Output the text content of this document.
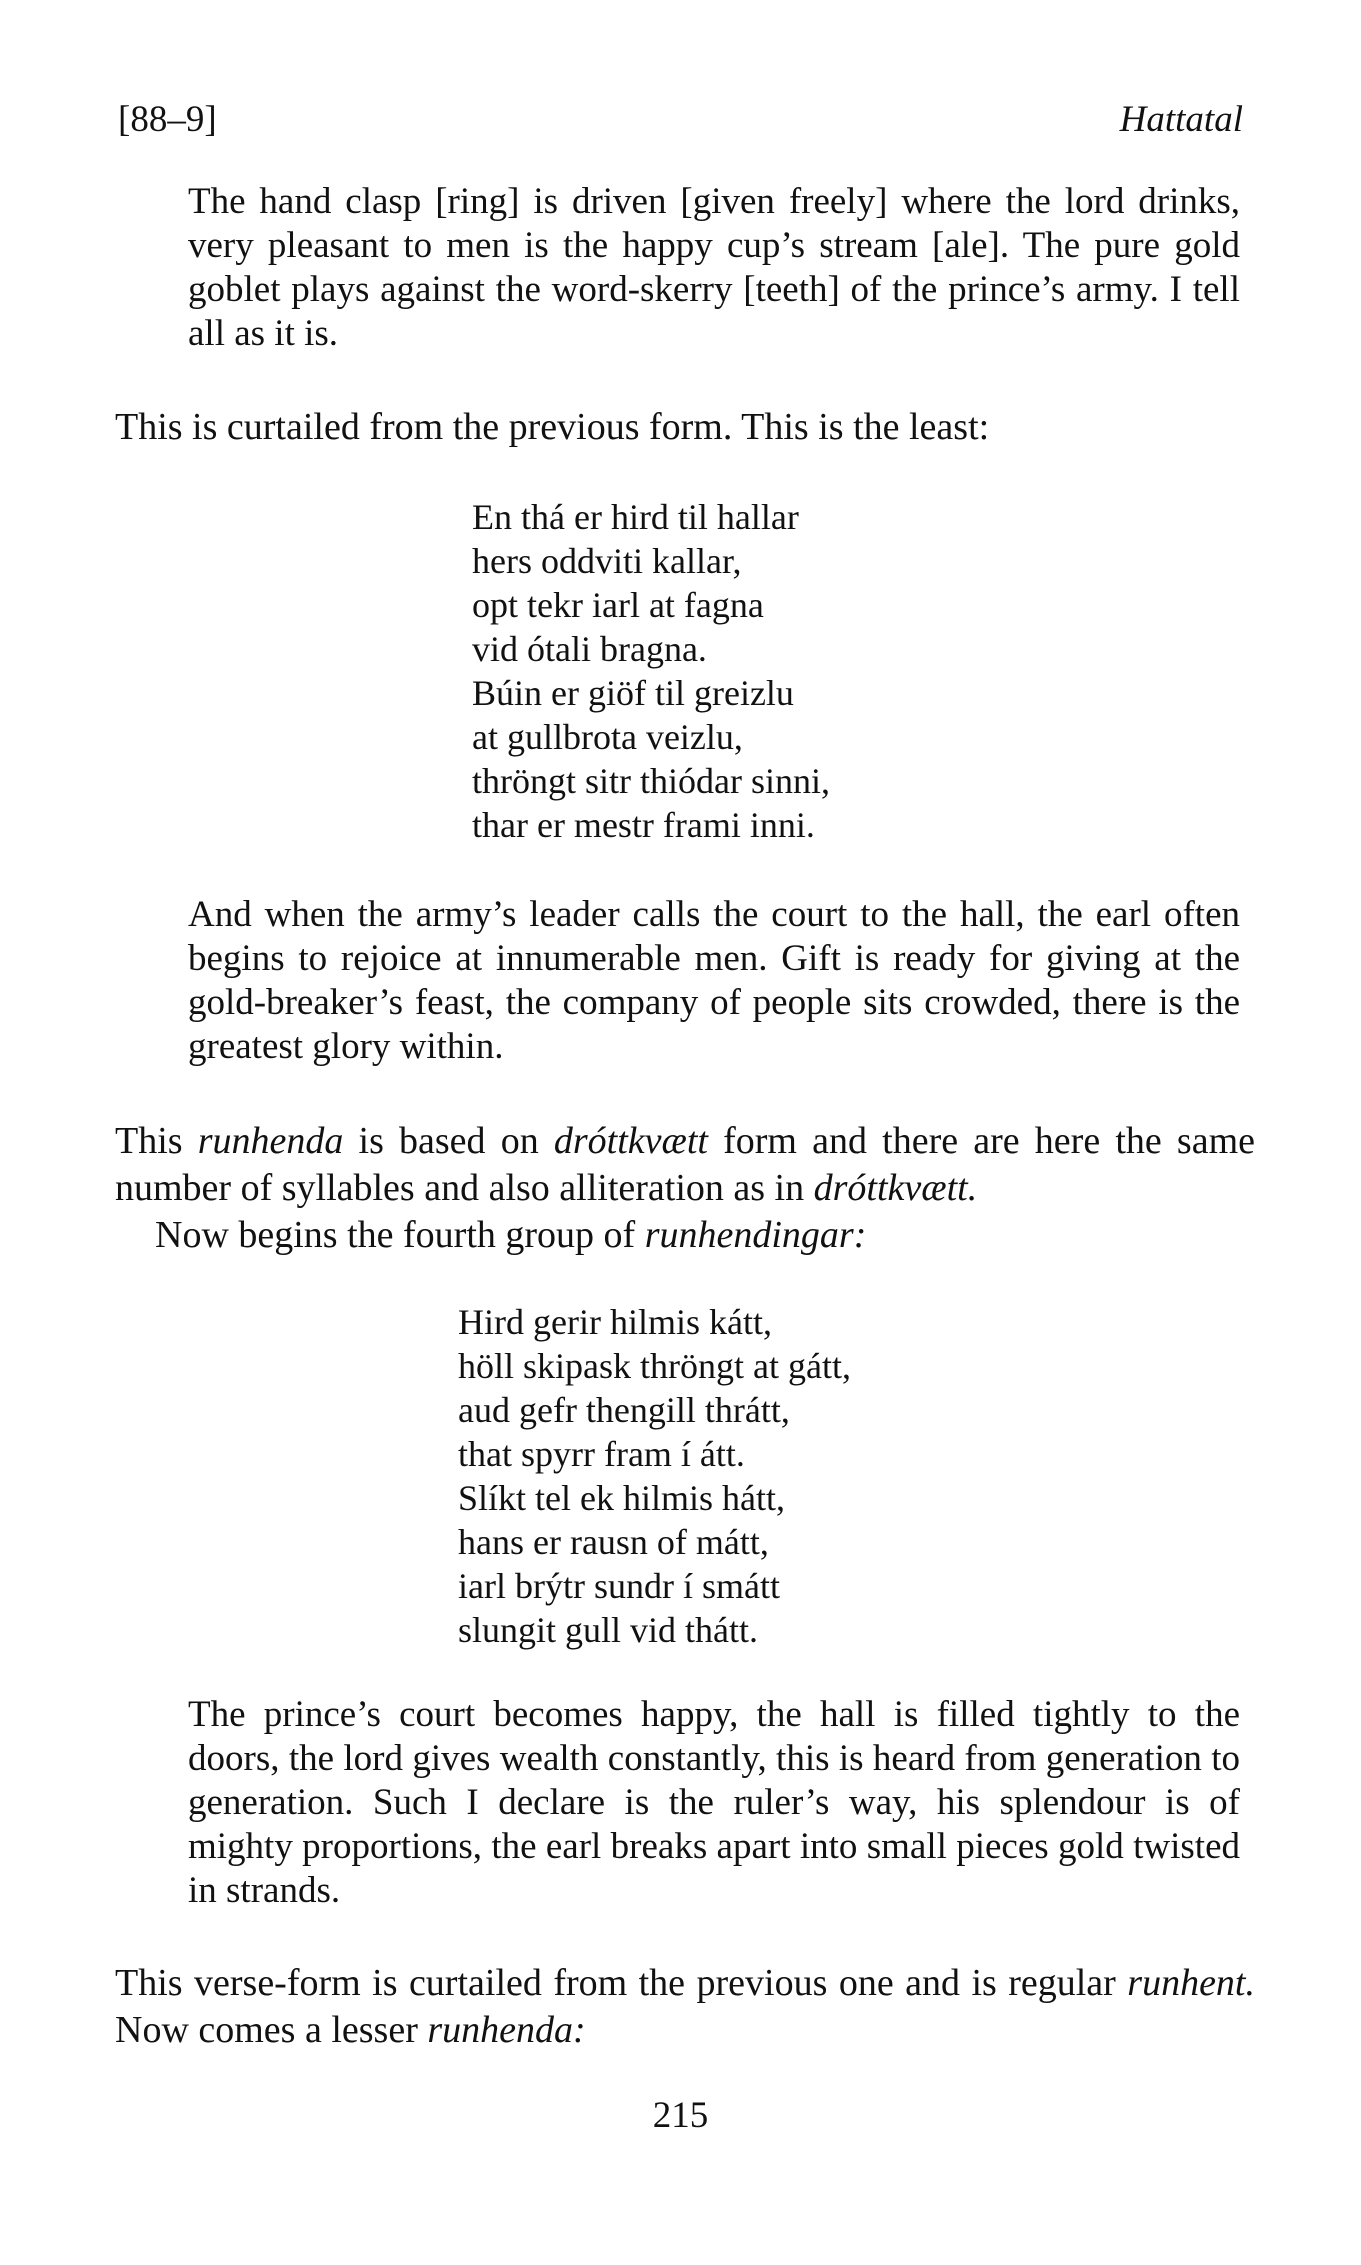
[88–9]	Hattatal
The hand clasp [ring] is driven [given freely] where the lord drinks, very pleasant to men is the happy cup’s stream [ale]. The pure gold goblet plays against the word-skerry [teeth] of the prince’s army. I tell all as it is.
This is curtailed from the previous form. This is the least:
En thá er hird til hallar
hers oddviti kallar,
opt tekr iarl at fagna
vid ótali bragna.
Búin er giöf til greizlu
at gullbrota veizlu,
thröngt sitr thiódar sinni,
thar er mestr frami inni.
And when the army’s leader calls the court to the hall, the earl often begins to rejoice at innumerable men. Gift is ready for giving at the gold-breaker’s feast, the company of people sits crowded, there is the greatest glory within.
This runhenda is based on dróttkvætt form and there are here the same number of syllables and also alliteration as in dróttkvætt.
Now begins the fourth group of runhendingar:
Hird gerir hilmis kátt,
höll skipask thröngt at gátt,
aud gefr thengill thrátt,
that spyrr fram í átt.
Slíkt tel ek hilmis hátt,
hans er rausn of mátt,
iarl brýtr sundr í smátt
slungit gull vid thátt.
The prince’s court becomes happy, the hall is filled tightly to the doors, the lord gives wealth constantly, this is heard from generation to generation. Such I declare is the ruler’s way, his splendour is of mighty proportions, the earl breaks apart into small pieces gold twisted in strands.
This verse-form is curtailed from the previous one and is regular runhent. Now comes a lesser runhenda:
215
